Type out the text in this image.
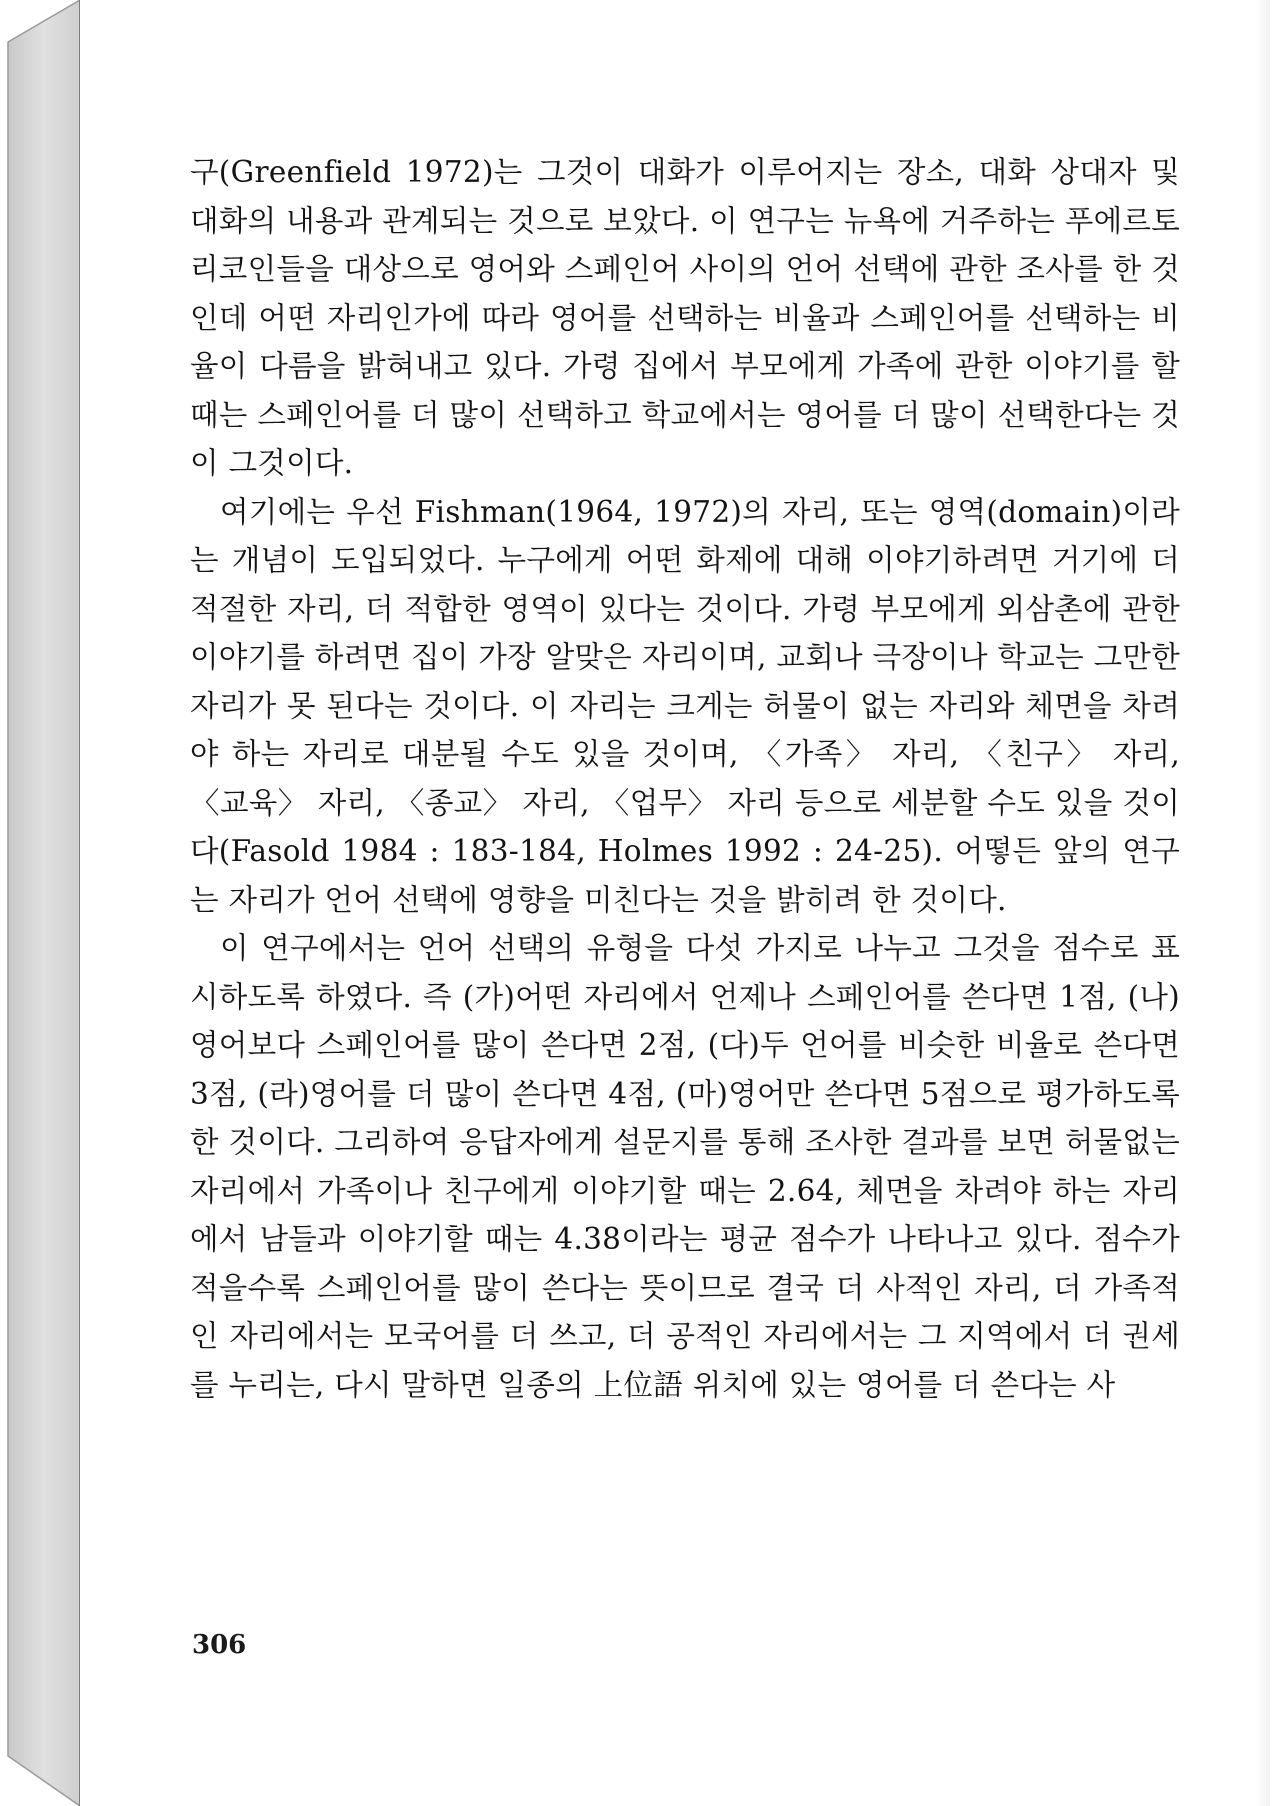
구(Greenfield 1972)는 그것이 대화가 이루어지는 장소, 대화 상대자 및 대화의 내용과 관계되는 것으로 보았다. 이 연구는 뉴욕에 거주하는 푸에르토 리코인들을 대상으로 영어와 스페인어 사이의 언어 선택에 관한 조사를 한 것인데 어떤 자리인가에 따라 영어를 선택하는 비율과 스페인어를 선택하는 비율이 다름을 밝혀내고 있다. 가령 집에서 부모에게 가족에 관한 이야기를 할 때는 스페인어를 더 많이 선택하고 학교에서는 영어를 더 많이 선택한다는 것이 그것이다.

여기에는 우선 Fishman(1964, 1972)의 자리, 또는 영역(domain)이라는 개념이 도입되었다. 누구에게 어떤 화제에 대해 이야기하려면 거기에 더 적절한 자리, 더 적합한 영역이 있다는 것이다. 가령 부모에게 외삼촌에 관한 이야기를 하려면 집이 가장 알맞은 자리이며, 교회나 극장이나 학교는 그만한 자리가 못 된다는 것이다. 이 자리는 크게는 허물이 없는 자리와 체면을 차려야 하는 자리로 대분될 수도 있을 것이며, 〈가족〉 자리, 〈친구〉 자리, 〈교육〉 자리, 〈종교〉 자리, 〈업무〉 자리 등으로 세분할 수도 있을 것이다(Fasold 1984 : 183-184, Holmes 1992 : 24-25). 어떻든 앞의 연구는 자리가 언어 선택에 영향을 미친다는 것을 밝히려 한 것이다.

이 연구에서는 언어 선택의 유형을 다섯 가지로 나누고 그것을 점수로 표시하도록 하였다. 즉 (가)어떤 자리에서 언제나 스페인어를 쓴다면 1점, (나)영어보다 스페인어를 많이 쓴다면 2점, (다)두 언어를 비슷한 비율로 쓴다면 3점, (라)영어를 더 많이 쓴다면 4점, (마)영어만 쓴다면 5점으로 평가하도록 한 것이다. 그리하여 응답자에게 설문지를 통해 조사한 결과를 보면 허물없는 자리에서 가족이나 친구에게 이야기할 때는 2.64, 체면을 차려야 하는 자리에서 남들과 이야기할 때는 4.38이라는 평균 점수가 나타나고 있다. 점수가 적을수록 스페인어를 많이 쓴다는 뜻이므로 결국 더 사적인 자리, 더 가족적인 자리에서는 모국어를 더 쓰고, 더 공적인 자리에서는 그 지역에서 더 권세를 누리는, 다시 말하면 일종의 上位語 위치에 있는 영어를 더 쓴다는 사

306
